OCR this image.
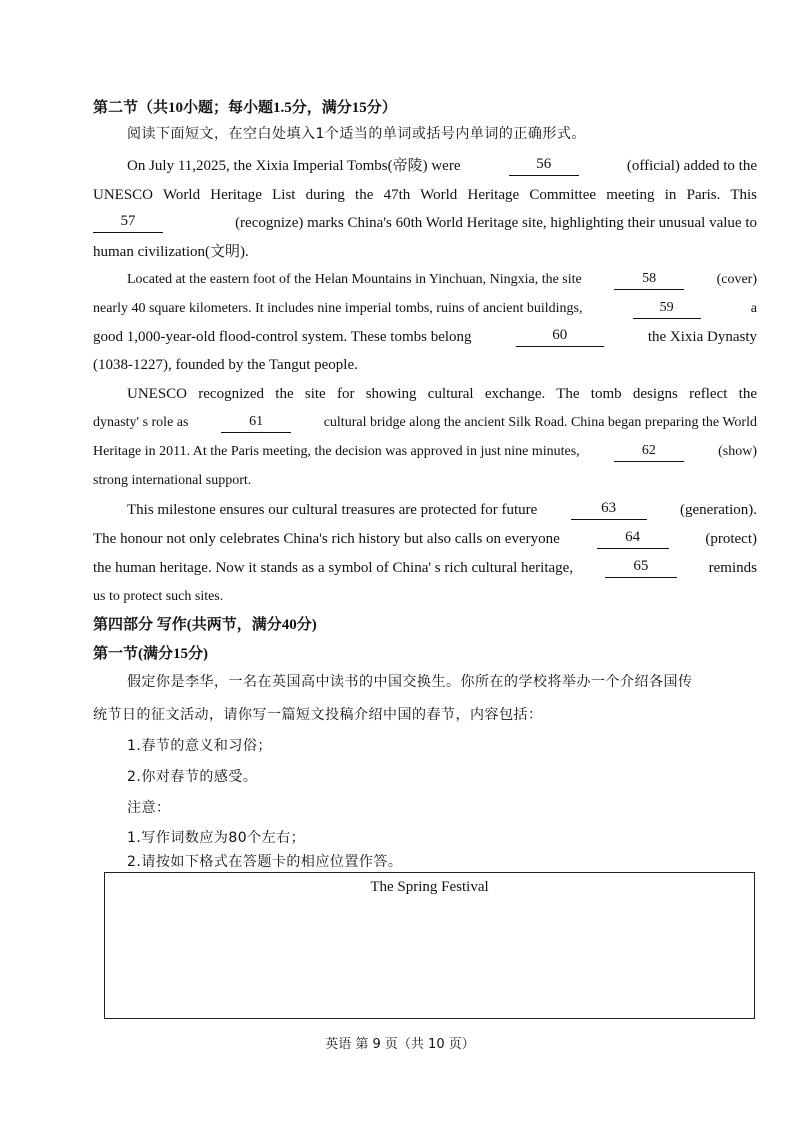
第二节（共10小题；每小题1.5分，满分15分）
阅读下面短文，在空白处填入1个适当的单词或括号内单词的正确形式。
On July 11,2025, the Xixia Imperial Tombs(帝陵) were	56	(official) added to the
UNESCO World Heritage List during the 47th World Heritage Committee meeting in Paris. This
57	(recognize) marks China's 60th World Heritage site, highlighting their unusual value to
human civilization(文明).
Located at the eastern foot of the Helan Mountains in Yinchuan, Ningxia, the site	58	(cover)
nearly 40 square kilometers. It includes nine imperial tombs, ruins of ancient buildings,	59	a
good 1,000-year-old flood-control system. These tombs belong	60	the Xixia Dynasty
(1038-1227), founded by the Tangut people.
UNESCO recognized the site for showing cultural exchange. The tomb designs reflect the
dynasty' s role as	61	cultural bridge along the ancient Silk Road. China began preparing the World
Heritage in 2011. At the Paris meeting, the decision was approved in just nine minutes,	62	(show)
strong international support.
This milestone ensures our cultural treasures are protected for future	63	(generation).
The honour not only celebrates China's rich history but also calls on everyone	64	(protect)
the human heritage. Now it stands as a symbol of China' s rich cultural heritage,	65	reminds
us to protect such sites.
第四部分 写作(共两节，满分40分)
第一节(满分15分)
假定你是李华，一名在英国高中读书的中国交换生。你所在的学校将举办一个介绍各国传
统节日的征文活动，请你写一篇短文投稿介绍中国的春节，内容包括：
1.春节的意义和习俗；
2.你对春节的感受。
注意：
1.写作词数应为80个左右；
2.请按如下格式在答题卡的相应位置作答。
The Spring Festival
英语 第 9 页（共 10 页）
